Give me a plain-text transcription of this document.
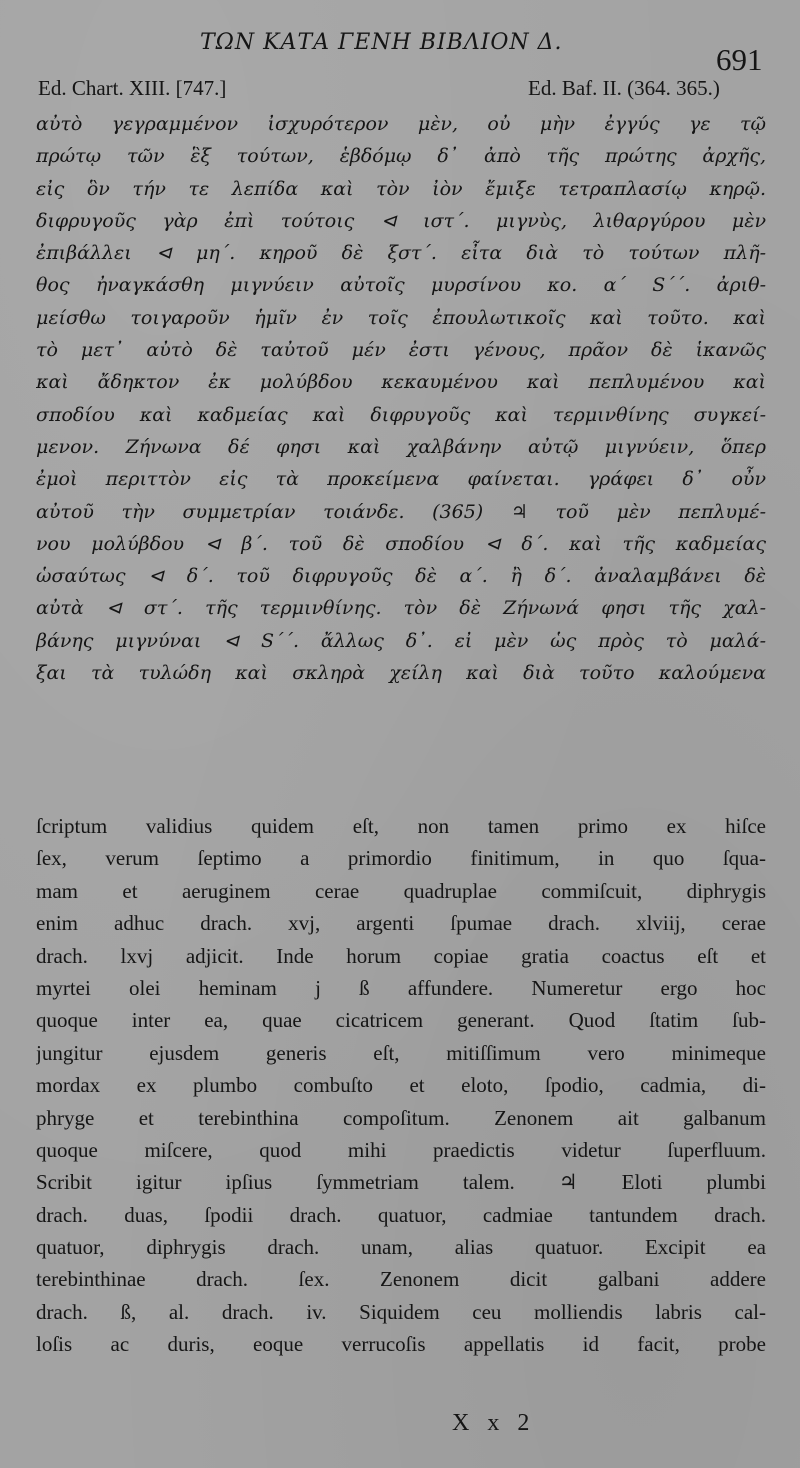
ΤΩΝ ΚΑΤΑ ΓΕΝΗ ΒΙΒΛΙΟΝ Δ.	691
Ed. Chart. XIII. [747.]	Ed. Baf. II. (364. 365.)
αὐτὸ γεγραμμένον ἰσχυρότερον μὲν, οὐ μὴν ἐγγύς γε τῷ
πρώτῳ τῶν ἓξ τούτων, ἑβδόμῳ δ᾽ ἀπὸ τῆς πρώτης ἀρχῆς,
εἰς ὃν τήν τε λεπίδα καὶ τὸν ἰὸν ἔμιξε τετραπλασίῳ κηρῷ.
διφρυγοῦς γὰρ ἐπὶ τούτοις ⊲ ιστ΄. μιγνὺς, λιθαργύρου μὲν
ἐπιβάλλει ⊲ μη΄. κηροῦ δὲ ξστ΄. εἶτα διὰ τὸ τούτων πλῆ-
θος ἠναγκάσθη μιγνύειν αὐτοῖς μυρσίνου κο. α΄ S΄΄. ἀριθ-
μείσθω τοιγαροῦν ἡμῖν ἐν τοῖς ἐπουλωτικοῖς καὶ τοῦτο. καὶ
τὸ μετ᾽ αὐτὸ δὲ ταὐτοῦ μέν ἐστι γένους, πρᾶον δὲ ἱκανῶς
καὶ ἄδηκτον ἐκ μολύβδου κεκαυμένου καὶ πεπλυμένου καὶ
σποδίου καὶ καδμείας καὶ διφρυγοῦς καὶ τερμινθίνης συγκεί-
μενον. Ζήνωνα δέ φησι καὶ χαλβάνην αὐτῷ μιγνύειν, ὅπερ
ἐμοὶ περιττὸν εἰς τὰ προκείμενα φαίνεται. γράφει δ᾽ οὖν
αὐτοῦ τὴν συμμετρίαν τοιάνδε. (365) ♃ τοῦ μὲν πεπλυμέ-
νου μολύβδου ⊲ β΄. τοῦ δὲ σποδίου ⊲ δ΄. καὶ τῆς καδμείας
ὡσαύτως ⊲ δ΄. τοῦ διφρυγοῦς δὲ α΄. ἢ δ΄. ἀναλαμβάνει δὲ
αὐτὰ ⊲ στ΄. τῆς τερμινθίνης. τὸν δὲ Ζήνωνά φησι τῆς χαλ-
βάνης μιγνύναι ⊲ S΄΄. ἄλλως δ᾽. εἰ μὲν ὡς πρὸς τὸ μαλά-
ξαι τὰ τυλώδη καὶ σκληρὰ χείλη καὶ διὰ τοῦτο καλούμενα
ſcriptum validius quidem eſt, non tamen primo ex hiſce
ſex, verum ſeptimo a primordio finitimum, in quo ſqua-
mam et aeruginem cerae quadruplae commiſcuit, diphrygis
enim adhuc drach. xvj, argenti ſpumae drach. xlviij, cerae
drach. lxvj adjicit. Inde horum copiae gratia coactus eſt et
myrtei olei heminam j ß affundere. Numeretur ergo hoc
quoque inter ea, quae cicatricem generant. Quod ſtatim ſub-
jungitur ejusdem generis eſt, mitiſſimum vero minimeque
mordax ex plumbo combuſto et eloto, ſpodio, cadmia, di-
phryge et terebinthina compoſitum. Zenonem ait galbanum
quoque miſcere, quod mihi praedictis videtur ſuperfluum.
Scribit igitur ipſius ſymmetriam talem. ♃ Eloti plumbi
drach. duas, ſpodii drach. quatuor, cadmiae tantundem drach.
quatuor, diphrygis drach. unam, alias quatuor. Excipit ea
terebinthinae drach. ſex. Zenonem dicit galbani addere
drach. ß, al. drach. iv. Siquidem ceu molliendis labris cal-
loſis ac duris, eoque verrucoſis appellatis id facit, probe
X x 2
